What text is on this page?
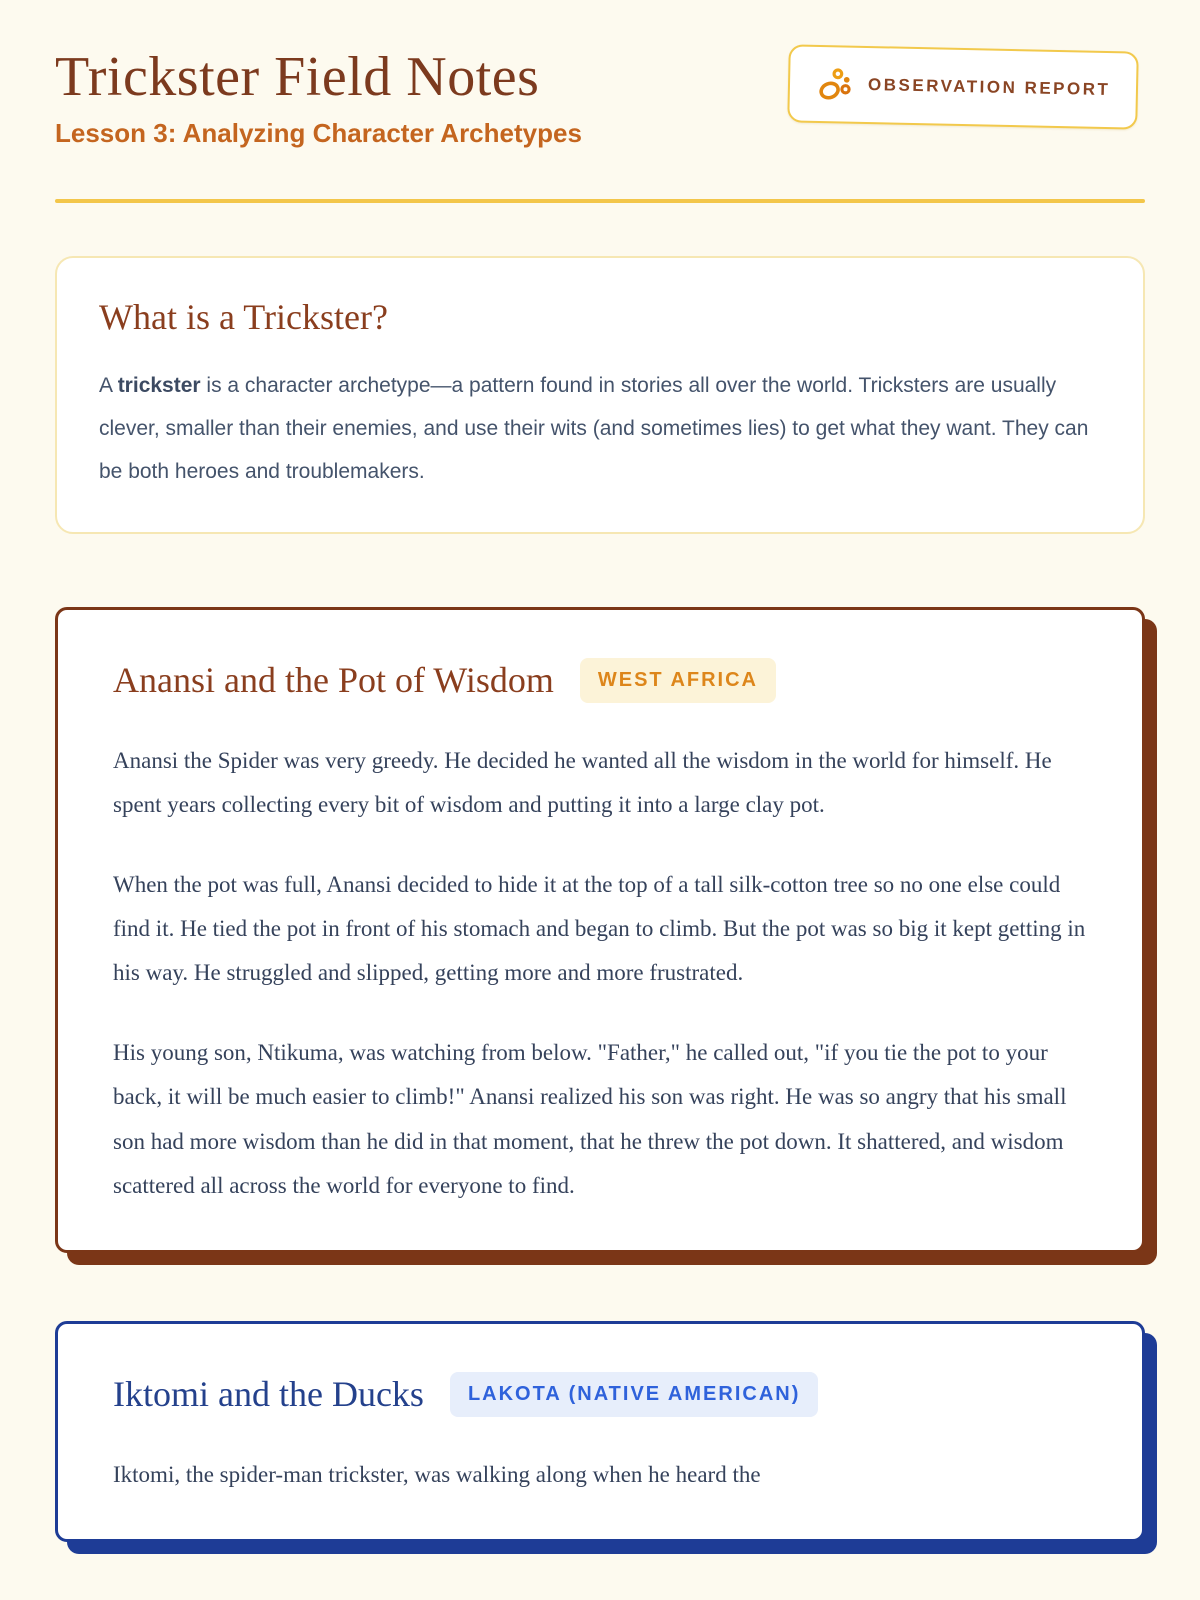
Trickster Field Notes
Lesson 3: Analyzing Character Archetypes
OBSERVATION REPORT
What is a Trickster?

A trickster is a character archetype—a pattern found in stories all over the world. Tricksters are usually clever, smaller than their enemies, and use their wits (and sometimes lies) to get what they want. They can be both heroes and troublemakers.

Anansi and the Pot of Wisdom	WEST AFRICA

Anansi the Spider was very greedy. He decided he wanted all the wisdom in the world for himself. He spent years collecting every bit of wisdom and putting it into a large clay pot.

When the pot was full, Anansi decided to hide it at the top of a tall silk-cotton tree so no one else could find it. He tied the pot in front of his stomach and began to climb. But the pot was so big it kept getting in his way. He struggled and slipped, getting more and more frustrated.

His young son, Ntikuma, was watching from below. "Father," he called out, "if you tie the pot to your back, it will be much easier to climb!" Anansi realized his son was right. He was so angry that his small son had more wisdom than he did in that moment, that he threw the pot down. It shattered, and wisdom scattered all across the world for everyone to find.

Iktomi and the Ducks	LAKOTA (NATIVE AMERICAN)

Iktomi, the spider-man trickster, was walking along when he heard the
